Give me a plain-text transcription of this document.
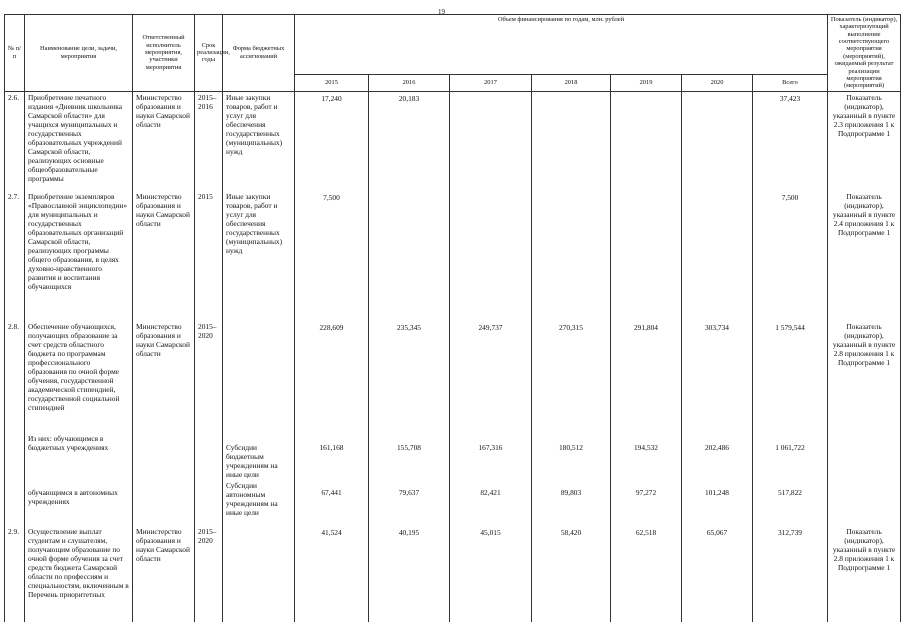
19
№ п/п	Наименование цели, задачи, мероприятия	Ответственный исполнитель мероприятия, участники мероприятия	Срок реализации, годы	Форма бюджетных ассигнований	Объем финансирования по годам, млн. рублей							Показатель (индикатор), характеризующий выполнение соответствующего мероприятия (мероприятий), ожидаемый результат реализации мероприятия (мероприятий)
					2015	2016	2017	2018	2019	2020	Всего	
2.6.	Приобретение печатного издания «Дневник школьника Самарской области» для учащихся муниципальных и государственных образовательных учреждений Самарской области, реализующих основные общеобразовательные программы	Министерство образования и науки Самарской области	2015–2016	Иные закупки товаров, работ и услуг для обеспечения государственных (муниципальных) нужд	17,240	20,183					37,423	Показатель (индикатор), указанный в пункте 2.3 приложения 1 к Подпрограмме 1
2.7.	Приобретение экземпляров «Православной энциклопедии» для муниципальных и государственных образовательных организаций Самарской области, реализующих программы общего образования, в целях духовно-нравственного развития и воспитания обучающихся	Министерство образования и науки Самарской области	2015	Иные закупки товаров, работ и услуг для обеспечения государственных (муниципальных) нужд	7,500						7,500	Показатель (индикатор), указанный в пункте 2.4 приложения 1 к Подпрограмме 1
2.8.	Обеспечение обучающихся, получающих образование за счет средств областного бюджета по программам профессионального образования по очной форме обучения, государственной академической стипендией, государственной социальной стипендией	Министерство образования и науки Самарской области	2015–2020		228,609	235,345	249,737	270,315	291,804	303,734	1 579,544	Показатель (индикатор), указанный в пункте 2.8 приложения 1 к Подпрограмме 1
	Из них: обучающимся в бюджетных учреждениях			Субсидии бюджетным учреждениям на иные цели	161,168	155,708	167,316	180,512	194,532	202,486	1 061,722	
	обучающимся в автономных учреждениях			Субсидии автономным учреждениям на иные цели	67,441	79,637	82,421	89,803	97,272	101,248	517,822	
2.9.	Осуществление выплат студентам и слушателям, получающим образование по очной форме обучения за счет средств бюджета Самарской области по профессиям и специальностям, включенным в Перечень приоритетных	Министерство образования и науки Самарской области	2015–2020		41,524	40,195	45,015	58,420	62,518	65,067	312,739	Показатель (индикатор), указанный в пункте 2.8 приложения 1 к Подпрограмме 1
